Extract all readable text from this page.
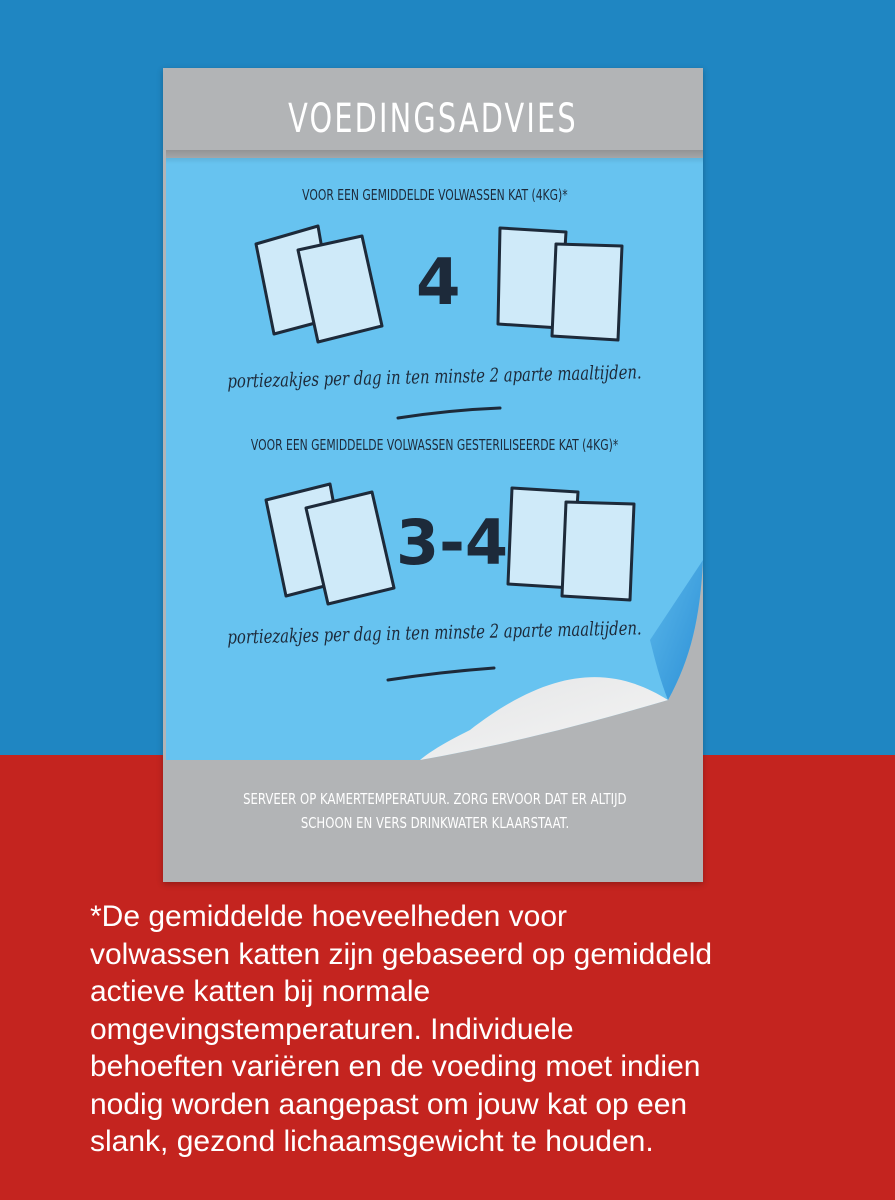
VOEDINGSADVIES
VOOR EEN GEMIDDELDE VOLWASSEN KAT (4KG)*
4
portiezakjes per dag in ten minste 2 aparte maaltijden.
VOOR EEN GEMIDDELDE VOLWASSEN GESTERILISEERDE KAT (4KG)*
3-4
portiezakjes per dag in ten minste 2 aparte maaltijden.
SERVEER OP KAMERTEMPERATUUR. ZORG ERVOOR DAT ER ALTIJD
SCHOON EN VERS DRINKWATER KLAARSTAAT.
*De gemiddelde hoeveelheden voor
volwassen katten zijn gebaseerd op gemiddeld
actieve katten bij normale
omgevingstemperaturen. Individuele
behoeften variëren en de voeding moet indien
nodig worden aangepast om jouw kat op een
slank, gezond lichaamsgewicht te houden.
